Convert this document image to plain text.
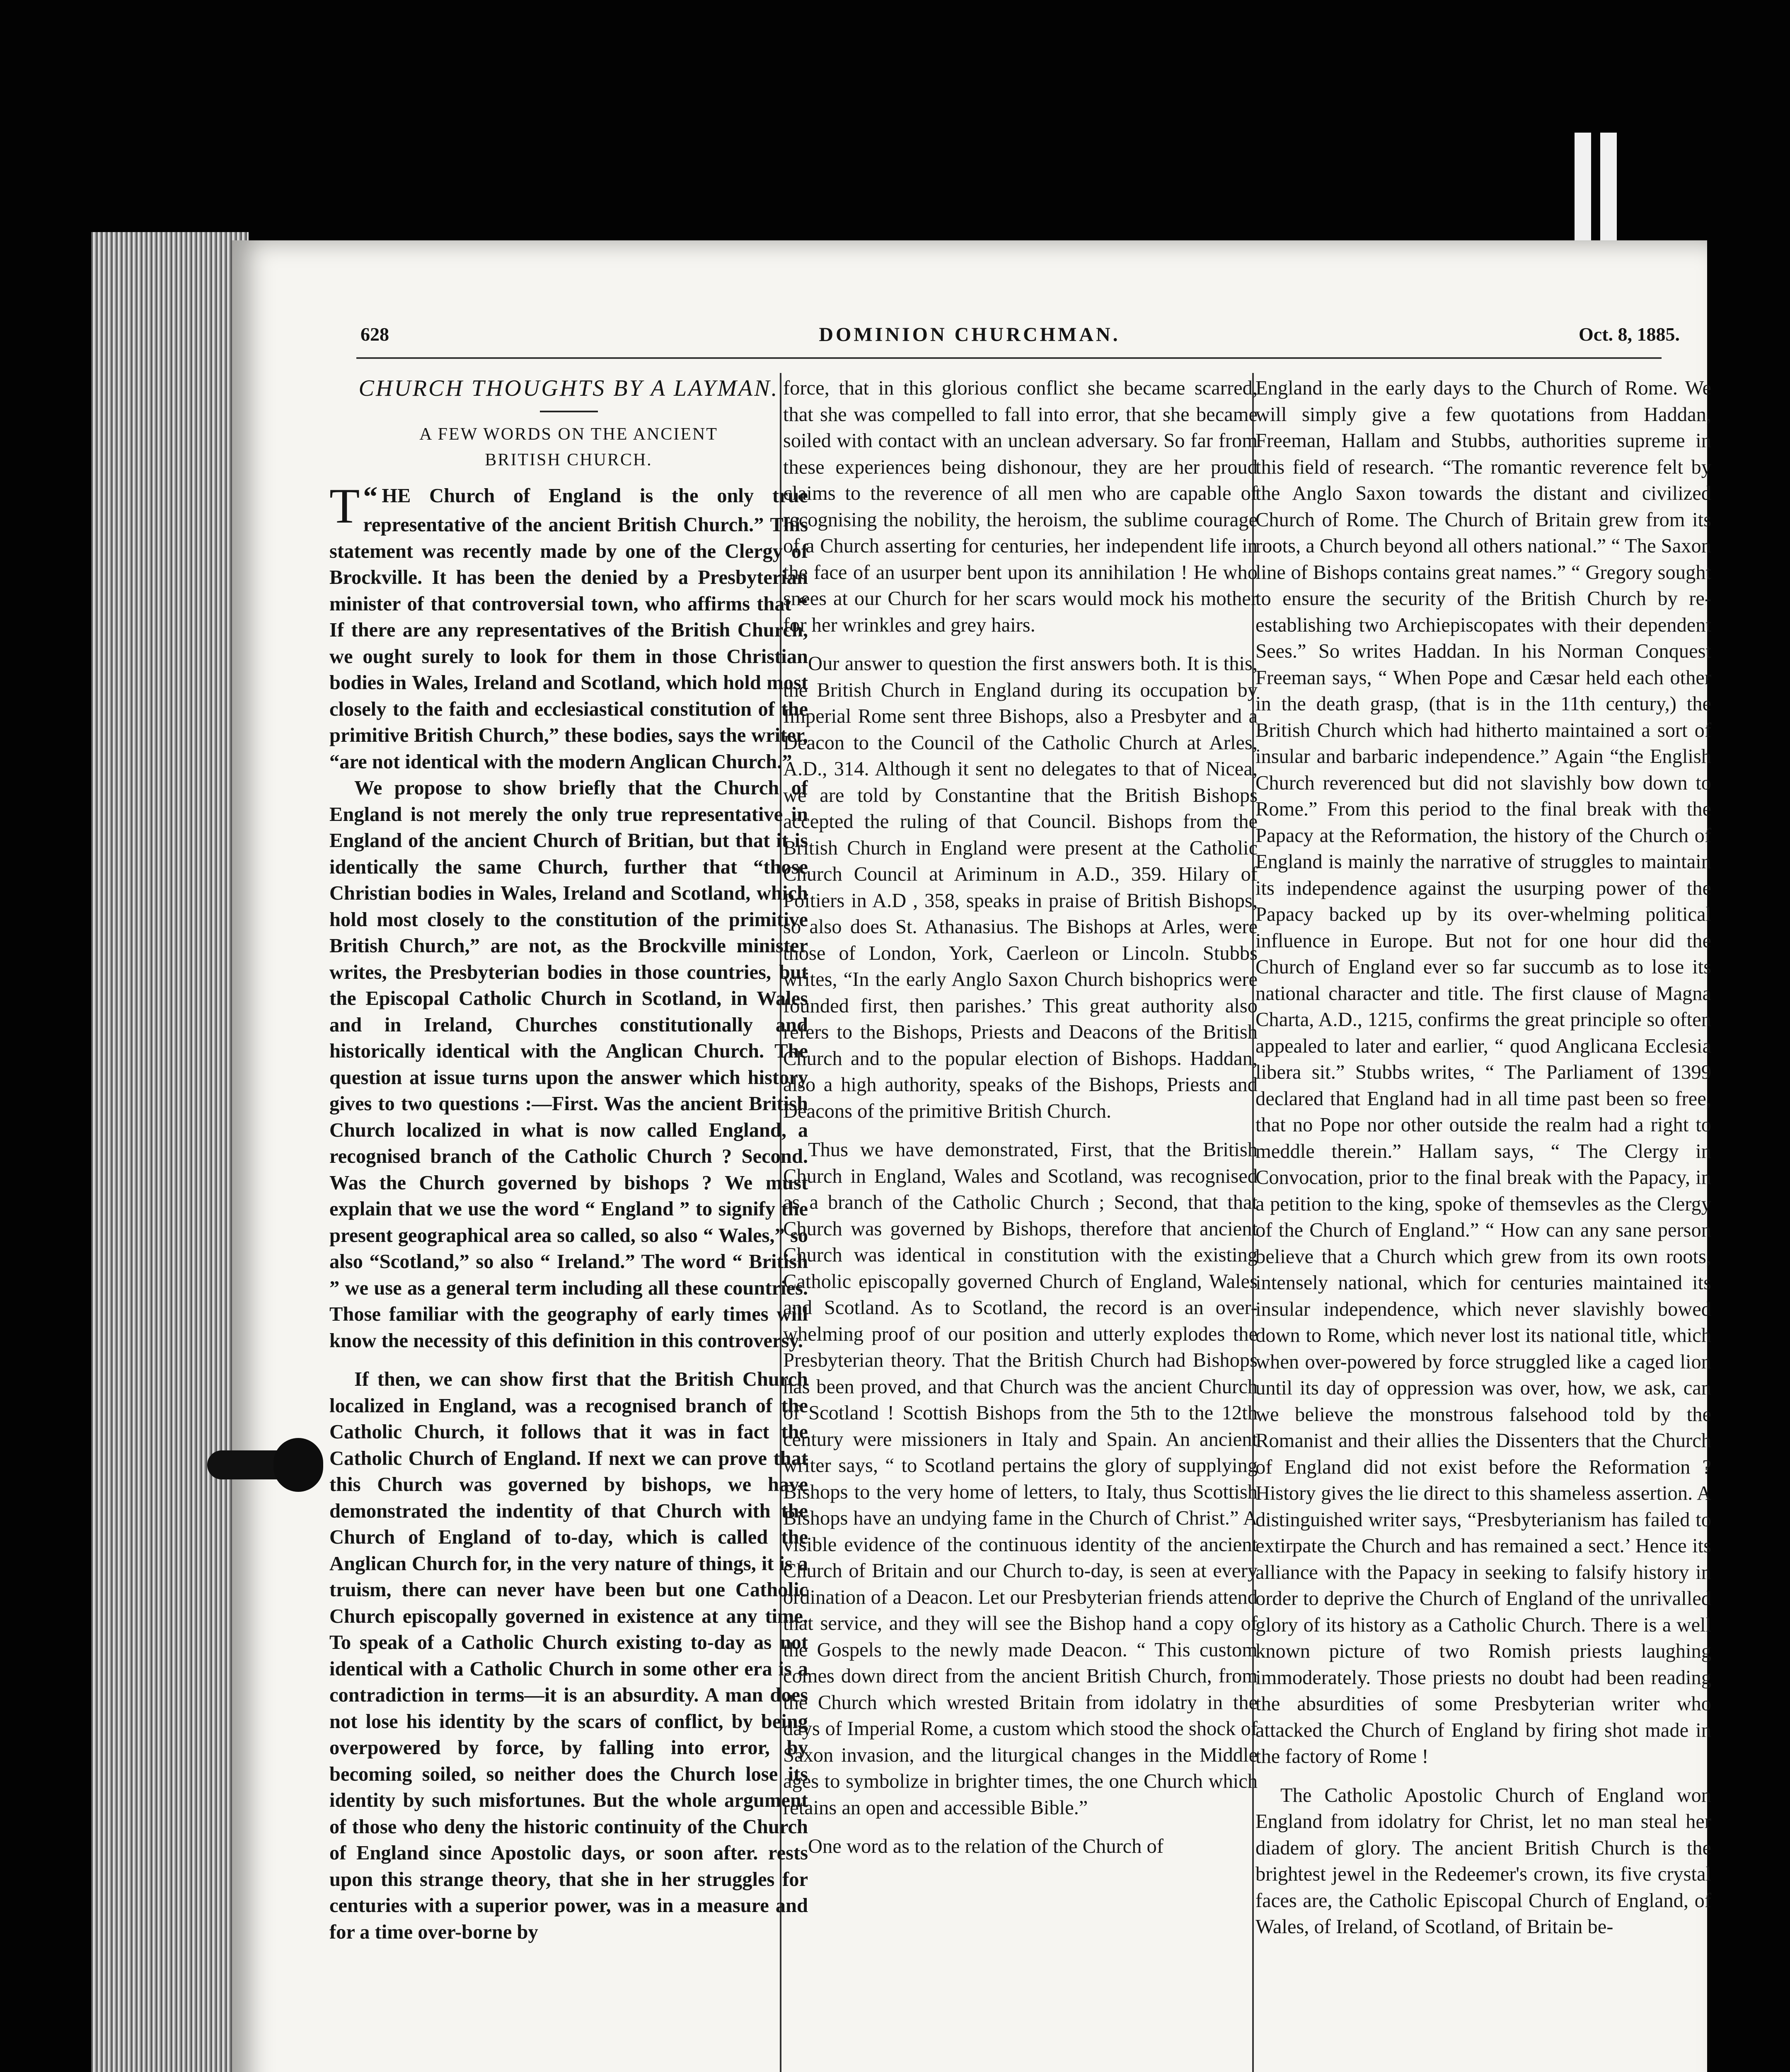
DOMINION CHURCHMAN.
628	Oct. 8, 1885.
CHURCH THOUGHTS BY A LAYMAN.
A FEW WORDS ON THE ANCIENT
BRITISH CHURCH.

“
T HE Church of England is the only true representative of the ancient British Church.” This statement was recently made by one of the Clergy of Brockville. It has been the denied by a Presbyterian minister of that controversial town, who affirms that “ If there are any representatives of the British Church, we ought surely to look for them in those Christian bodies in Wales, Ireland and Scotland, which hold most closely to the faith and ecclesiastical constitution of the primitive British Church,” these bodies, says the writer, “are not identical with the modern Anglican Church.”

We propose to show briefly that the Church of England is not merely the only true representative in England of the ancient Church of Britian, but that it is identically the same Church, further that “those Christian bodies in Wales, Ireland and Scotland, which hold most closely to the constitution of the primitive British Church,” are not, as the Brockville minister writes, the Presbyterian bodies in those countries, but the Episcopal Catholic Church in Scotland, in Wales and in Ireland, Churches constitutionally and historically identical with the Anglican Church. The question at issue turns upon the answer which history gives to two questions :—First. Was the ancient British Church localized in what is now called England, a recognised branch of the Catholic Church ? Second. Was the Church governed by bishops ? We must explain that we use the word “ England ” to signify the present geographical area so called, so also “ Wales,” so also “Scotland,” so also “ Ireland.” The word “ British ” we use as a general term including all these countries. Those familiar with the geography of early times will know the necessity of this definition in this controversy.

If then, we can show first that the British Church localized in England, was a recognised branch of the Catholic Church, it follows that it was in fact the Catholic Church of England. If next we can prove that this Church was governed by bishops, we have demonstrated the indentity of that Church with the Church of England of to-day, which is called the Anglican Church for, in the very nature of things, it is a truism, there can never have been but one Catholic Church episcopally governed in existence at any time. To speak of a Catholic Church existing to-day as not identical with a Catholic Church in some other era is a contradiction in terms—it is an absurdity. A man does not lose his identity by the scars of conflict, by being overpowered by force, by falling into error, by becoming soiled, so neither does the Church lose its identity by such misfortunes. But the whole argument of those who deny the historic continuity of the Church of England since Apostolic days, or soon after. rests upon this strange theory, that she in her struggles for centuries with a superior power, was in a measure and for a time over-borne by

force, that in this glorious conflict she became scarred, that she was compelled to fall into error, that she became soiled with contact with an unclean adversary. So far from these experiences being dishonour, they are her proud claims to the reverence of all men who are capable of recognising the nobility, the heroism, the sublime courage of a Church asserting for centuries, her independent life in the face of an usurper bent upon its annihilation ! He who snees at our Church for her scars would mock his mother for her wrinkles and grey hairs.

Our answer to question the first answers both. It is this, the British Church in England during its occupation by Imperial Rome sent three Bishops, also a Presbyter and a Deacon to the Council of the Catholic Church at Arles, A.D., 314. Although it sent no delegates to that of Nicea, we are told by Constantine that the British Bishops accepted the ruling of that Council. Bishops from the British Church in England were present at the Catholic Church Council at Ariminum in A.D., 359. Hilary of Poitiers in A.D , 358, speaks in praise of British Bishops, so also does St. Athanasius. The Bishops at Arles, were those of London, York, Caerleon or Lincoln. Stubbs writes, “In the early Anglo Saxon Church bishoprics were founded first, then parishes.’ This great authority also refers to the Bishops, Priests and Deacons of the British Church and to the popular election of Bishops. Haddan, also a high authority, speaks of the Bishops, Priests and Deacons of the primitive British Church.

Thus we have demonstrated, First, that the British Church in England, Wales and Scotland, was recognised as a branch of the Catholic Church ; Second, that that Church was governed by Bishops, therefore that ancient Church was identical in constitution with the existing Catholic episcopally governed Church of England, Wales and Scotland. As to Scotland, the record is an over-whelming proof of our position and utterly explodes the Presbyterian theory. That the British Church had Bishops has been proved, and that Church was the ancient Church of Scotland ! Scottish Bishops from the 5th to the 12th century were missioners in Italy and Spain. An ancient writer says, “ to Scotland pertains the glory of supplying Bishops to the very home of letters, to Italy, thus Scottish Bishops have an undying fame in the Church of Christ.” A visible evidence of the continuous identity of the ancient Church of Britain and our Church to-day, is seen at every ordination of a Deacon. Let our Presbyterian friends attend that service, and they will see the Bishop hand a copy of the Gospels to the newly made Deacon. “ This custom comes down direct from the ancient British Church, from the Church which wrested Britain from idolatry in the days of Imperial Rome, a custom which stood the shock of Saxon invasion, and the liturgical changes in the Middle ages to symbolize in brighter times, the one Church which retains an open and accessible Bible.”

One word as to the relation of the Church of

England in the early days to the Church of Rome. We will simply give a few quotations from Haddan, Freeman, Hallam and Stubbs, authorities supreme in this field of research. “The romantic reverence felt by the Anglo Saxon towards the distant and civilized Church of Rome. The Church of Britain grew from its roots, a Church beyond all others national.” “ The Saxon line of Bishops contains great names.” “ Gregory sought to ensure the security of the British Church by re-establishing two Archiepiscopates with their dependent Sees.” So writes Haddan. In his Norman Conquest Freeman says, “ When Pope and Cæsar held each other in the death grasp, (that is in the 11th century,) the British Church which had hitherto maintained a sort of insular and barbaric independence.” Again “the English Church reverenced but did not slavishly bow down to Rome.” From this period to the final break with the Papacy at the Reformation, the history of the Church of England is mainly the narrative of struggles to maintain its independence against the usurping power of the Papacy backed up by its over-whelming political influence in Europe. But not for one hour did the Church of England ever so far succumb as to lose its national character and title. The first clause of Magna Charta, A.D., 1215, confirms the great principle so often appealed to later and earlier, “ quod Anglicana Ecclesia libera sit.” Stubbs writes, “ The Parliament of 1399 declared that England had in all time past been so free, that no Pope nor other outside the realm had a right to meddle therein.” Hallam says, “ The Clergy in Convocation, prior to the final break with the Papacy, in a petition to the king, spoke of themsevles as the Clergy of the Church of England.” “ How can any sane person believe that a Church which grew from its own roots, intensely national, which for centuries maintained its insular independence, which never slavishly bowed down to Rome, which never lost its national title, which when over-powered by force struggled like a caged lion until its day of oppression was over, how, we ask, can we believe the monstrous falsehood told by the Romanist and their allies the Dissenters that the Church of England did not exist before the Reformation ? History gives the lie direct to this shameless assertion. A distinguished writer says, “Presbyterianism has failed to extirpate the Church and has remained a sect.’ Hence its alliance with the Papacy in seeking to falsify history in order to deprive the Church of England of the unrivalled glory of its history as a Catholic Church. There is a well known picture of two Romish priests laughing immoderately. Those priests no doubt had been reading the absurdities of some Presbyterian writer who attacked the Church of England by firing shot made in the factory of Rome !

The Catholic Apostolic Church of England won England from idolatry for Christ, let no man steal her diadem of glory. The ancient British Church is the brightest jewel in the Redeemer's crown, its five crystal faces are, the Catholic Episcopal Church of England, of Wales, of Ireland, of Scotland, of Britain be-
